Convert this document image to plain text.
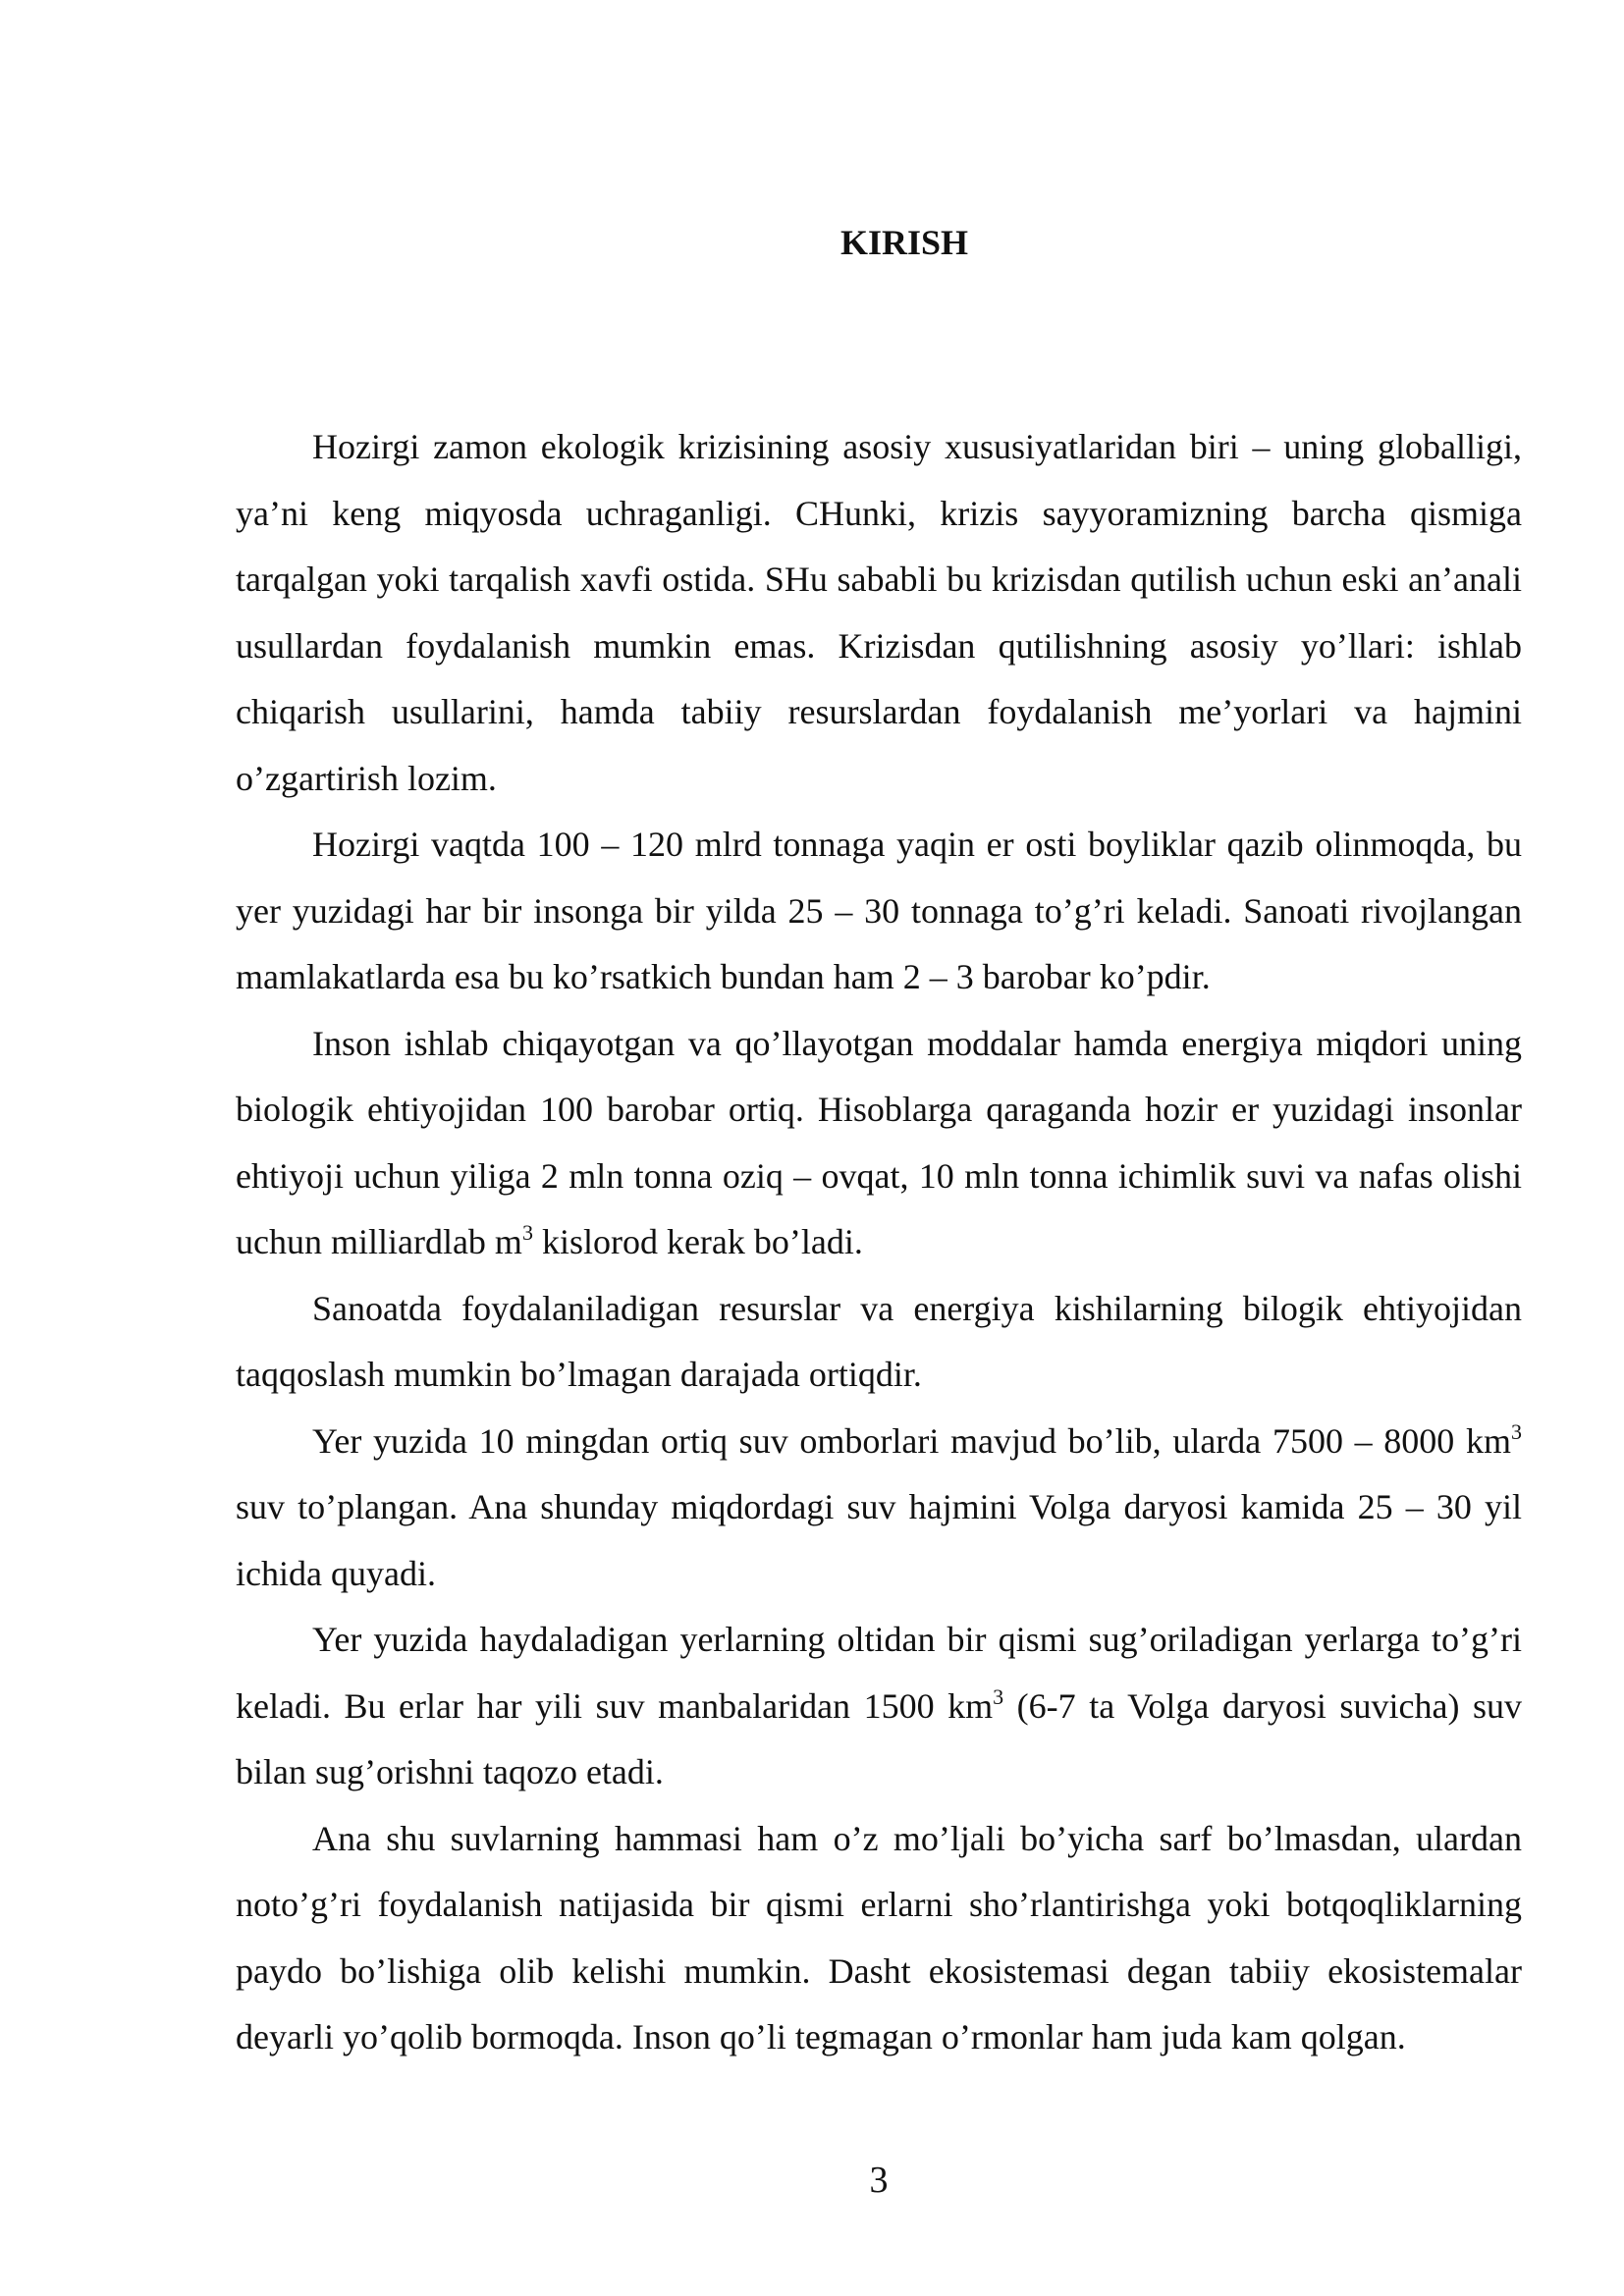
KIRISH

Hozirgi zamon ekologik krizisining asosiy xususiyatlaridan biri – uning globalligi, ya’ni keng miqyosda uchraganligi. CHunki, krizis sayyoramizning barcha qismiga tarqalgan yoki tarqalish xavfi ostida. SHu sababli bu krizisdan qutilish uchun eski an’anali usullardan foydalanish mumkin emas. Krizisdan qutilishning asosiy yo’llari: ishlab chiqarish usullarini, hamda tabiiy resurslardan foydalanish me’yorlari va hajmini o’zgartirish lozim.

Hozirgi vaqtda 100 – 120 mlrd tonnaga yaqin er osti boyliklar qazib olinmoqda, bu yer yuzidagi har bir insonga bir yilda 25 – 30 tonnaga to’g’ri keladi. Sanoati rivojlangan mamlakatlarda esa bu ko’rsatkich bundan ham 2 – 3 barobar ko’pdir.

Inson ishlab chiqayotgan va qo’llayotgan moddalar hamda energiya miqdori uning biologik ehtiyojidan 100 barobar ortiq. Hisoblarga qaraganda hozir er yuzidagi insonlar ehtiyoji uchun yiliga 2 mln tonna oziq – ovqat, 10 mln tonna ichimlik suvi va nafas olishi uchun milliardlab $m^3$ kislorod kerak bo’ladi.

Sanoatda foydalaniladigan resurslar va energiya kishilarning bilogik ehtiyojidan taqqoslash mumkin bo’lmagan darajada ortiqdir.

Yer yuzida 10 mingdan ortiq suv omborlari mavjud bo’lib, ularda 7500 – 8000 $km^3$ suv to’plangan. Ana shunday miqdordagi suv hajmini Volga daryosi kamida 25 – 30 yil ichida quyadi.

Yer yuzida haydaladigan yerlarning oltidan bir qismi sug’oriladigan yerlarga to’g’ri keladi. Bu erlar har yili suv manbalaridan 1500 $km^3$ (6-7 ta Volga daryosi suvicha) suv bilan sug’orishni taqozo etadi.

Ana shu suvlarning hammasi ham o’z mo’ljali bo’yicha sarf bo’lmasdan, ulardan noto’g’ri foydalanish natijasida bir qismi erlarni sho’rlantirishga yoki botqoqliklarning paydo bo’lishiga olib kelishi mumkin. Dasht ekosistemasi degan tabiiy ekosistemalar deyarli yo’qolib bormoqda. Inson qo’li tegmagan o’rmonlar ham juda kam qolgan.

3
